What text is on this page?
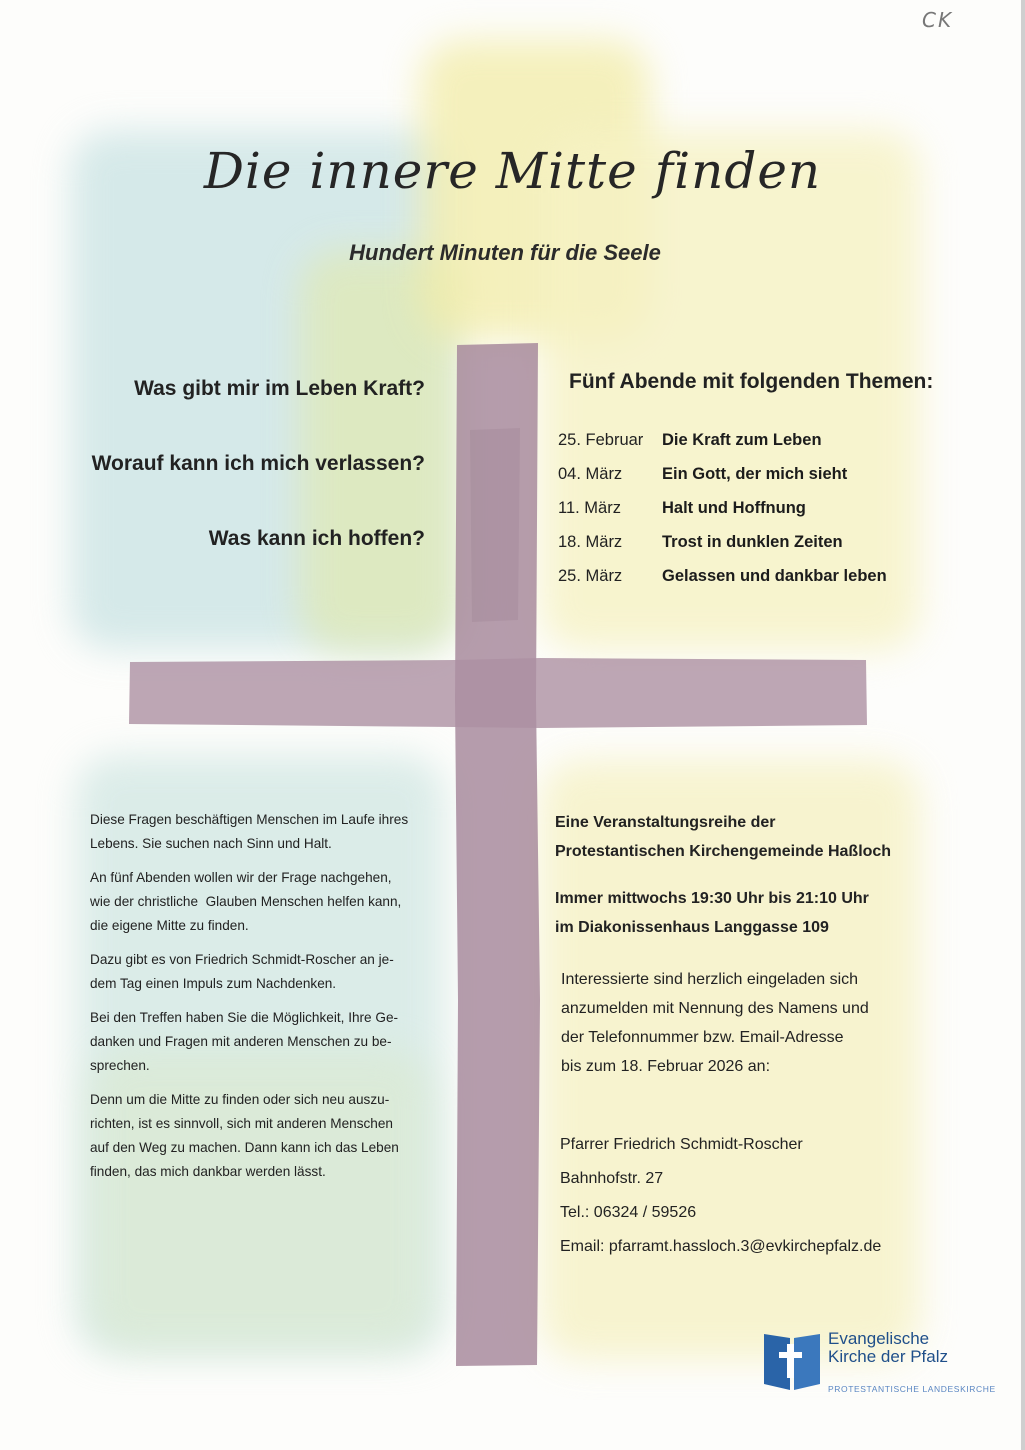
CK
Die innere Mitte finden
Hundert Minuten für die Seele
Was gibt mir im Leben Kraft?
Worauf kann ich mich verlassen?
Was kann ich hoffen?
Fünf Abende mit folgenden Themen:
25. Februar	Die Kraft zum Leben
04. März	Ein Gott, der mich sieht
11. März	Halt und Hoffnung
18. März	Trost in dunklen Zeiten
25. März	Gelassen und dankbar leben

Diese Fragen beschäftigen Menschen im Laufe ihres
Lebens. Sie suchen nach Sinn und Halt.

An fünf Abenden wollen wir der Frage nachgehen,
wie der christliche  Glauben Menschen helfen kann,
die eigene Mitte zu finden.

Dazu gibt es von Friedrich Schmidt-Roscher an je-
dem Tag einen Impuls zum Nachdenken.

Bei den Treffen haben Sie die Möglichkeit, Ihre Ge-
danken und Fragen mit anderen Menschen zu be-
sprechen.

Denn um die Mitte zu finden oder sich neu auszu-
richten, ist es sinnvoll, sich mit anderen Menschen
auf den Weg zu machen. Dann kann ich das Leben
finden, das mich dankbar werden lässt.

Eine Veranstaltungsreihe der
Protestantischen Kirchengemeinde Haßloch
Immer mittwochs 19:30 Uhr bis 21:10 Uhr
im Diakonissenhaus Langgasse 109
Interessierte sind herzlich eingeladen sich
anzumelden mit Nennung des Namens und
der Telefonnummer bzw. Email-Adresse
bis zum 18. Februar 2026 an:
Pfarrer Friedrich Schmidt-Roscher
Bahnhofstr. 27
Tel.: 06324 / 59526
Email: pfarramt.hassloch.3@evkirchepfalz.de
Evangelische
Kirche der Pfalz
PROTESTANTISCHE LANDESKIRCHE
